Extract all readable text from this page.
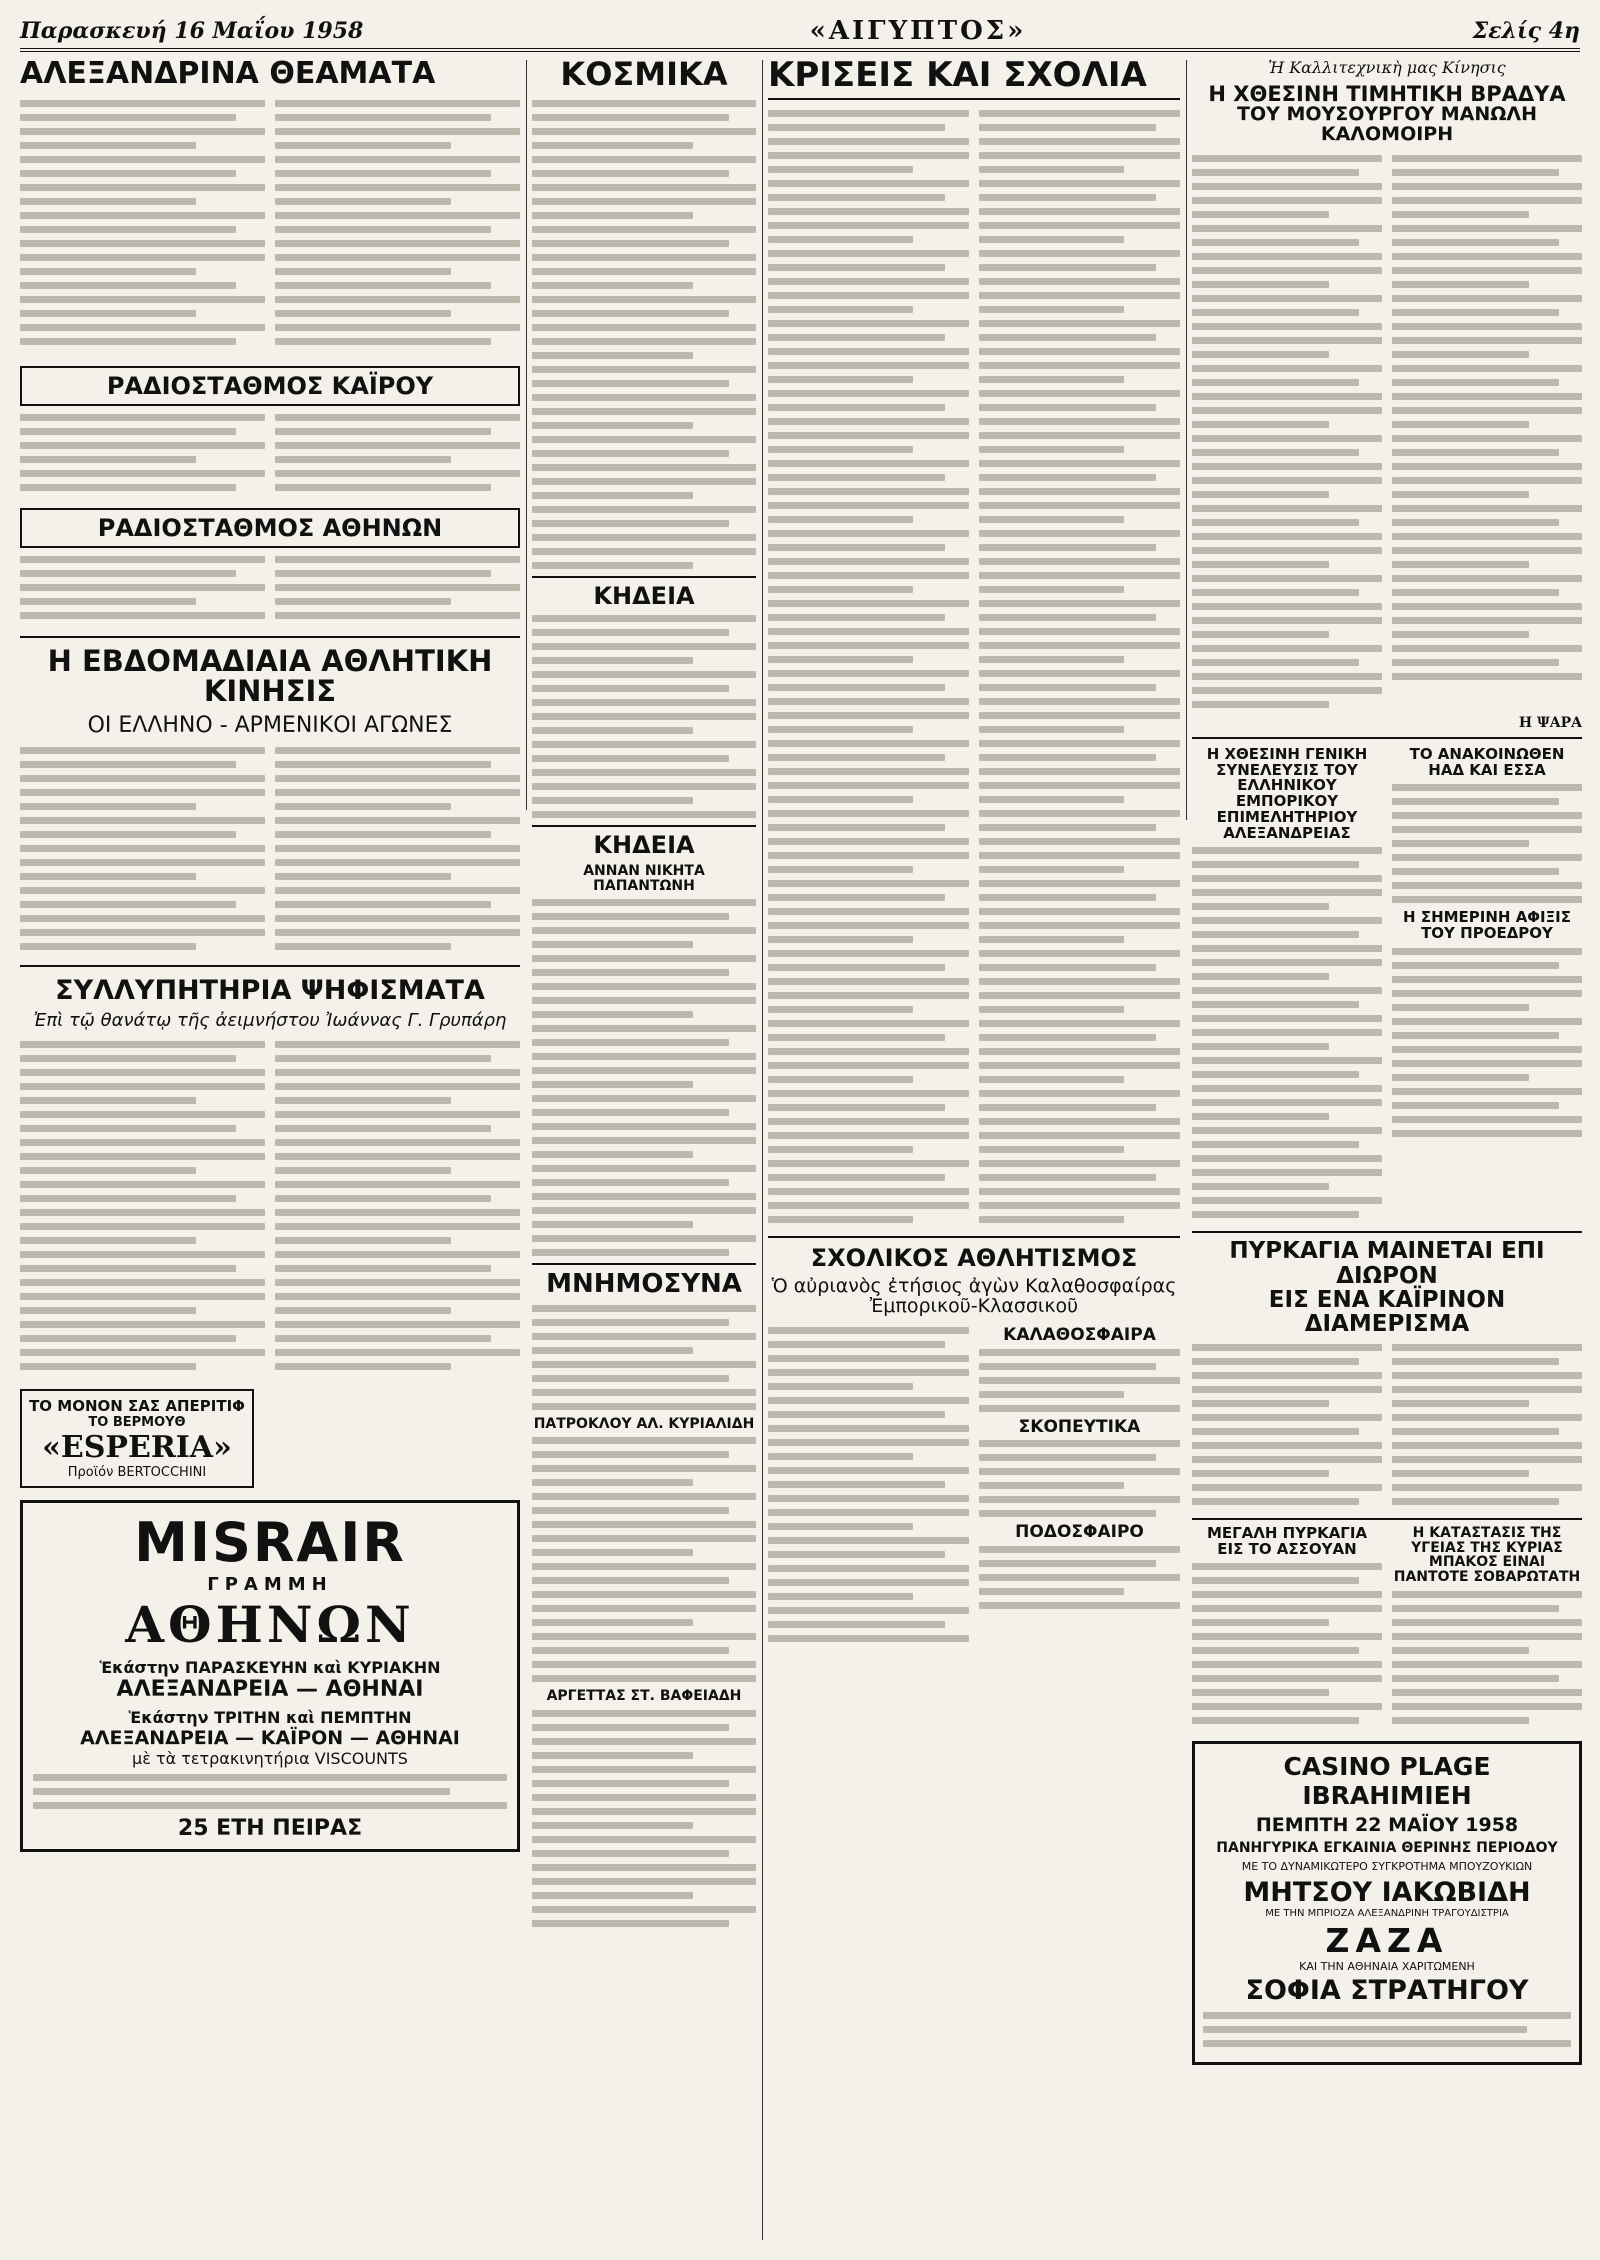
Παρασκευή 16 Μαΐου 1958	«ΑΙΓΥΠΤΟΣ»	Σελίς 4η
ΑΛΕΞΑΝΔΡΙΝΑ ΘΕΑΜΑΤΑ
ΡΑΔΙΟΣΤΑΘΜΟΣ ΚΑΪΡΟΥ
ΡΑΔΙΟΣΤΑΘΜΟΣ ΑΘΗΝΩΝ
Η ΕΒΔΟΜΑΔΙΑΙΑ ΑΘΛΗΤΙΚΗ ΚΙΝΗΣΙΣ
ΟΙ ΕΛΛΗΝΟ - ΑΡΜΕΝΙΚΟΙ ΑΓΩΝΕΣ
ΣΥΛΛΥΠΗΤΗΡΙΑ ΨΗΦΙΣΜΑΤΑ
Ἐπὶ τῷ θανάτῳ τῆς ἀειμνήστου Ἰωάννας Γ. Γρυπάρη
ΤΟ ΜΟΝΟΝ ΣΑΣ ΑΠΕΡΙΤΙΦ
ΤΟ ΒΕΡΜΟΥΘ
«ESPERIA»
Προϊόν BERTOCCHINI
MISRAIR
ΓΡΑΜΜΗ
ΑΘΗΝΩΝ
Ἑκάστην ΠΑΡΑΣΚΕΥΗΝ καὶ ΚΥΡΙΑΚΗΝ
ΑΛΕΞΑΝΔΡΕΙΑ — ΑΘΗΝΑΙ
Ἑκάστην ΤΡΙΤΗΝ καὶ ΠΕΜΠΤΗΝ
ΑΛΕΞΑΝΔΡΕΙΑ — ΚΑΪΡΟΝ — ΑΘΗΝΑΙ
μὲ τὰ τετρακινητήρια VISCOUNTS
25 ΕΤΗ ΠΕΙΡΑΣ
ΚΟΣΜΙΚΑ
ΚΗΔΕΙΑ
ΚΗΔΕΙΑ
ΑΝΝΑΝ ΝΙΚΗΤΑ ΠΑΠΑΝΤΩΝΗ
ΜΝΗΜΟΣΥΝΑ
ΠΑΤΡΟΚΛΟΥ ΑΛ. ΚΥΡΙΑΛΙΔΗ
ΑΡΓΕΤΤΑΣ ΣΤ. ΒΑΦΕΙΑΔΗ
ΚΡΙΣΕΙΣ ΚΑΙ ΣΧΟΛΙΑ
ΣΧΟΛΙΚΟΣ ΑΘΛΗΤΙΣΜΟΣ
Ὁ αὐριανὸς ἐτήσιος ἀγὼν Καλαθοσφαίρας Ἐμπορικοῦ-Κλασσικοῦ
ΚΑΛΑΘΟΣΦΑΙΡΑ
ΣΚΟΠΕΥΤΙΚΑ
ΠΟΔΟΣΦΑΙΡΟ
Ἡ Καλλιτεχνικὴ μας Κίνησις
Η ΧΘΕΣΙΝΗ ΤΙΜΗΤΙΚΗ ΒΡΑΔΥΑ
ΤΟΥ ΜΟΥΣΟΥΡΓΟΥ ΜΑΝΩΛΗ ΚΑΛΟΜΟΙΡΗ
Η ΨΑΡΑ
Η ΧΘΕΣΙΝΗ ΓΕΝΙΚΗ ΣΥΝΕΛΕΥΣΙΣ ΤΟΥ ΕΛΛΗΝΙΚΟΥ ΕΜΠΟΡΙΚΟΥ ΕΠΙΜΕΛΗΤΗΡΙΟΥ ΑΛΕΞΑΝΔΡΕΙΑΣ
ΤΟ ΑΝΑΚΟΙΝΩΘΕΝ ΗΑΔ ΚΑΙ ΕΣΣΑ
Η ΣΗΜΕΡΙΝΗ ΑΦΙΞΙΣ ΤΟΥ ΠΡΟΕΔΡΟΥ
ΠΥΡΚΑΓΙΑ ΜΑΙΝΕΤΑΙ ΕΠΙ ΔΙΩΡΟΝ
ΕΙΣ ΕΝΑ ΚΑΪΡΙΝΟΝ ΔΙΑΜΕΡΙΣΜΑ
ΜΕΓΑΛΗ ΠΥΡΚΑΓΙΑ ΕΙΣ ΤΟ ΑΣΣΟΥΑΝ
Η ΚΑΤΑΣΤΑΣΙΣ ΤΗΣ ΥΓΕΙΑΣ ΤΗΣ ΚΥΡΙΑΣ ΜΠΑΚΟΣ ΕΙΝΑΙ ΠΑΝΤΟΤΕ ΣΟΒΑΡΩΤΑΤΗ
CASINO PLAGE IBRAHIMIEH
ΠΕΜΠΤΗ 22 ΜΑΪΟΥ 1958
ΠΑΝΗΓΥΡΙΚΑ ΕΓΚΑΙΝΙΑ ΘΕΡΙΝΗΣ ΠΕΡΙΟΔΟΥ
ΜΕ ΤΟ ΔΥΝΑΜΙΚΩΤΕΡΟ ΣΥΓΚΡΟΤΗΜΑ ΜΠΟΥΖΟΥΚΙΩΝ
ΜΗΤΣΟΥ ΙΑΚΩΒΙΔΗ
ΜΕ ΤΗΝ ΜΠΡΙΟΖΑ ΑΛΕΞΑΝΔΡΙΝΗ ΤΡΑΓΟΥΔΙΣΤΡΙΑ
ΖΑΖΑ
ΚΑΙ ΤΗΝ ΑΘΗΝΑΙΑ ΧΑΡΙΤΩΜΕΝΗ
ΣΟΦΙΑ ΣΤΡΑΤΗΓΟΥ
